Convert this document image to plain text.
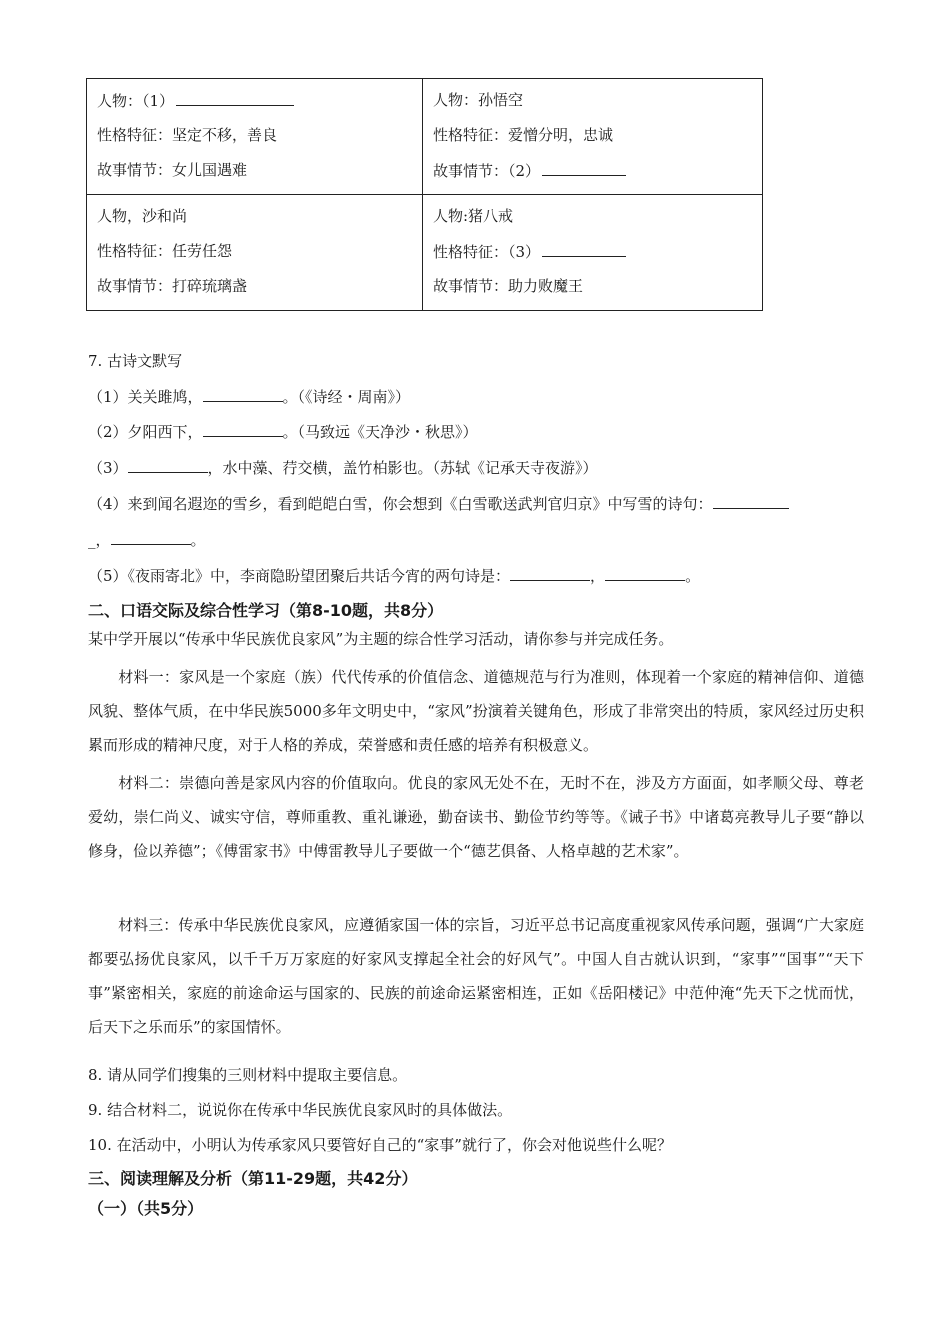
人物：（1）
性格特征：坚定不移，善良
故事情节：女儿国遇难
人物：孙悟空
性格特征：爱憎分明，忠诚
故事情节：（2）
人物，沙和尚
性格特征：任劳任怨
故事情节：打碎琉璃盏
人物:猪八戒
性格特征：（3）
故事情节：助力败魔王
7. 古诗文默写
（1）关关雎鸠，	。（《诗经・周南》）
（2）夕阳西下，	。（马致远《天净沙・秋思》）
（3）	，水中藻、荇交横，盖竹柏影也。（苏轼《记承天寺夜游》）
（4）来到闻名遐迩的雪乡，看到皑皑白雪，你会想到《白雪歌送武判官归京》中写雪的诗句：
_，	。
（5）《夜雨寄北》中，李商隐盼望团聚后共话今宵的两句诗是：	，	。
二、口语交际及综合性学习（第8-10题，共8分）
某中学开展以“传承中华民族优良家风”为主题的综合性学习活动，请你参与并完成任务。
材料一：家风是一个家庭（族）代代传承的价值信念、道德规范与行为准则，体现着一个家庭的精神信仰、道德风貌、整体气质，在中华民族5000多年文明史中，“家风”扮演着关键角色，形成了非常突出的特质，家风经过历史积累而形成的精神尺度，对于人格的养成，荣誉感和责任感的培养有积极意义。
材料二：崇德向善是家风内容的价值取向。优良的家风无处不在，无时不在，涉及方方面面，如孝顺父母、尊老爱幼，崇仁尚义、诚实守信，尊师重教、重礼谦逊，勤奋读书、勤俭节约等等。《诫子书》中诸葛亮教导儿子要“静以修身，俭以养德”；《傅雷家书》中傅雷教导儿子要做一个“德艺俱备、人格卓越的艺术家”。
材料三：传承中华民族优良家风，应遵循家国一体的宗旨，习近平总书记高度重视家风传承问题，强调“广大家庭都要弘扬优良家风，以千千万万家庭的好家风支撑起全社会的好风气”。中国人自古就认识到，“家事”“国事”“天下事”紧密相关，家庭的前途命运与国家的、民族的前途命运紧密相连，正如《岳阳楼记》中范仲淹“先天下之忧而忧，后天下之乐而乐”的家国情怀。
8. 请从同学们搜集的三则材料中提取主要信息。
9. 结合材料二，说说你在传承中华民族优良家风时的具体做法。
10. 在活动中，小明认为传承家风只要管好自己的“家事”就行了，你会对他说些什么呢？
三、阅读理解及分析（第11-29题，共42分）
（一）（共5分）
